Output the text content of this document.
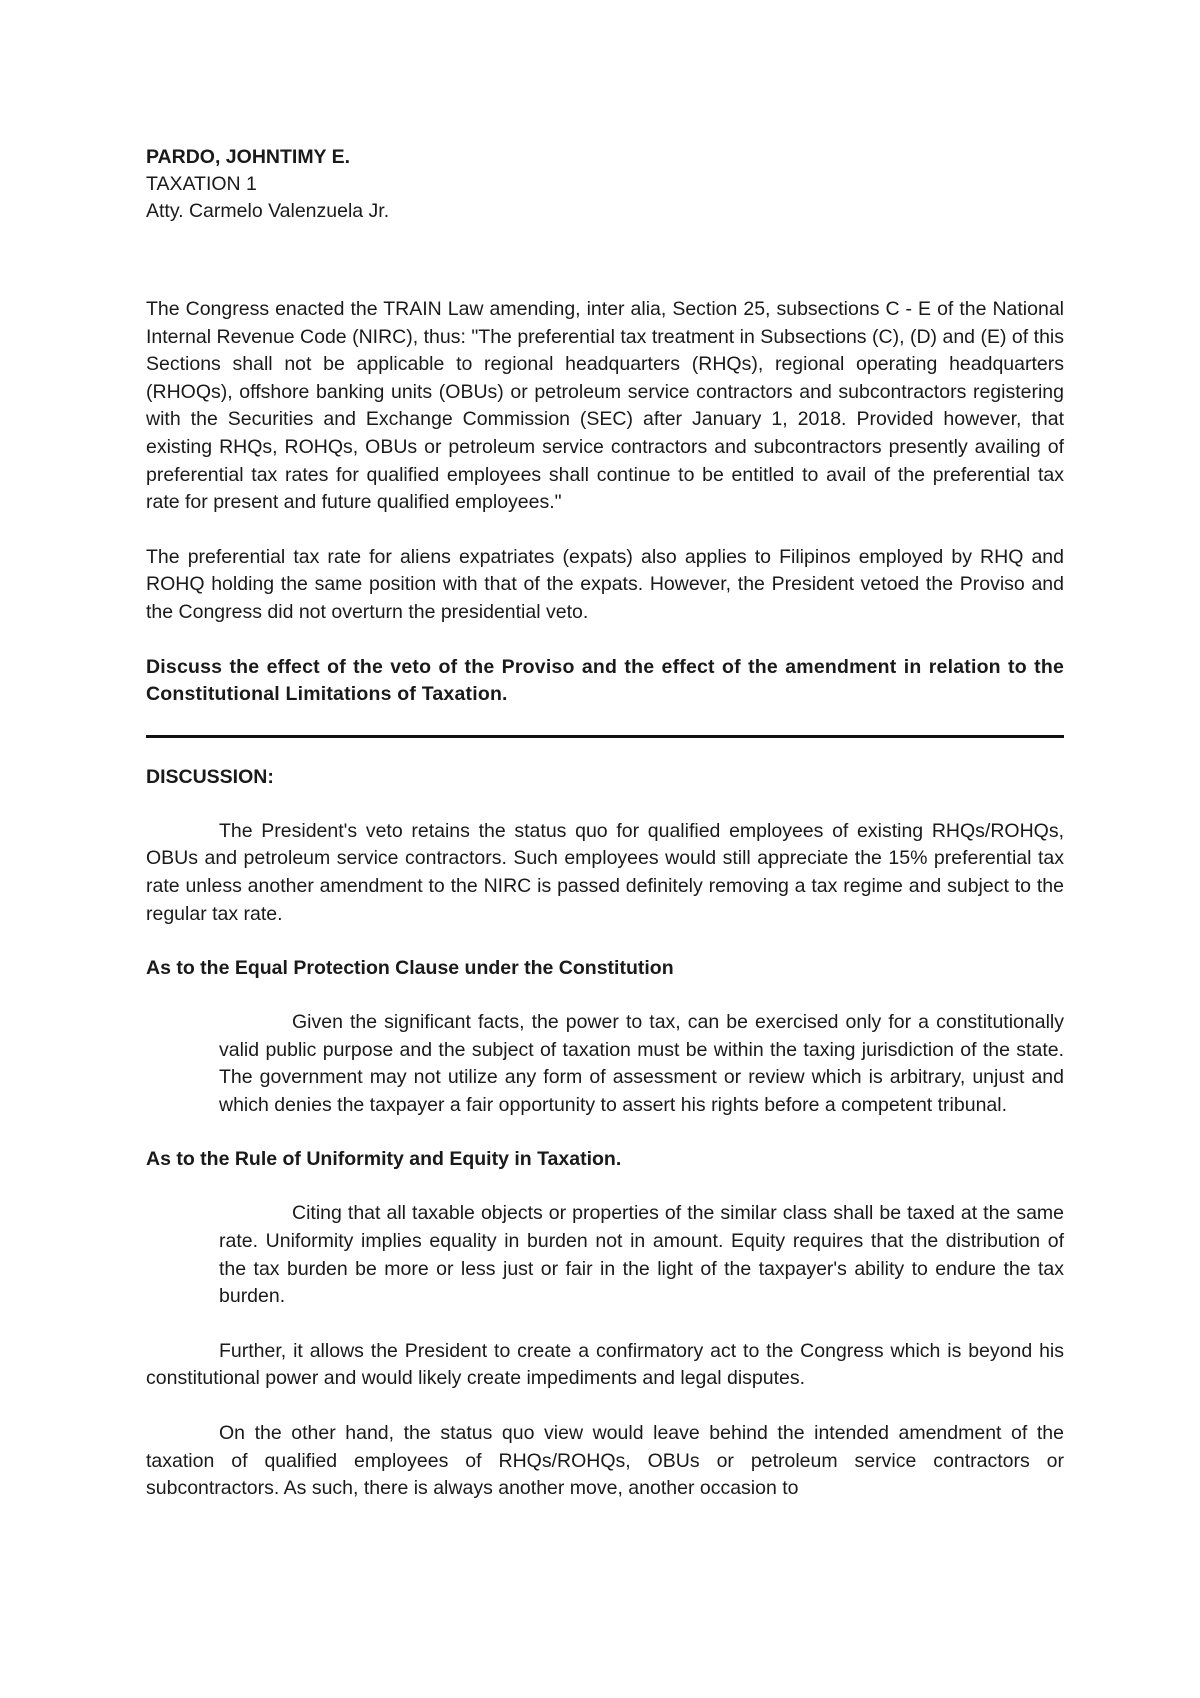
PARDO, JOHNTIMY E.

TAXATION 1

Atty. Carmelo Valenzuela Jr.

The Congress enacted the TRAIN Law amending, inter alia, Section 25, subsections C - E of the National Internal Revenue Code (NIRC), thus: "The preferential tax treatment in Subsections (C), (D) and (E) of this Sections shall not be applicable to regional headquarters (RHQs), regional operating headquarters (RHOQs), offshore banking units (OBUs) or petroleum service contractors and subcontractors registering with the Securities and Exchange Commission (SEC) after January 1, 2018. Provided however, that existing RHQs, ROHQs, OBUs or petroleum service contractors and subcontractors presently availing of preferential tax rates for qualified employees shall continue to be entitled to avail of the preferential tax rate for present and future qualified employees."

The preferential tax rate for aliens expatriates (expats) also applies to Filipinos employed by RHQ and ROHQ holding the same position with that of the expats. However, the President vetoed the Proviso and the Congress did not overturn the presidential veto.

Discuss the effect of the veto of the Proviso and the effect of the amendment in relation to the Constitutional Limitations of Taxation.

DISCUSSION:

The President's veto retains the status quo for qualified employees of existing RHQs/ROHQs, OBUs and petroleum service contractors. Such employees would still appreciate the 15% preferential tax rate unless another amendment to the NIRC is passed definitely removing a tax regime and subject to the regular tax rate.

As to the Equal Protection Clause under the Constitution

Given the significant facts, the power to tax, can be exercised only for a constitutionally valid public purpose and the subject of taxation must be within the taxing jurisdiction of the state. The government may not utilize any form of assessment or review which is arbitrary, unjust and which denies the taxpayer a fair opportunity to assert his rights before a competent tribunal.

As to the Rule of Uniformity and Equity in Taxation.

Citing that all taxable objects or properties of the similar class shall be taxed at the same rate. Uniformity implies equality in burden not in amount. Equity requires that the distribution of the tax burden be more or less just or fair in the light of the taxpayer's ability to endure the tax burden.

Further, it allows the President to create a confirmatory act to the Congress which is beyond his constitutional power and would likely create impediments and legal disputes.

On the other hand, the status quo view would leave behind the intended amendment of the taxation of qualified employees of RHQs/ROHQs, OBUs or petroleum service contractors or subcontractors. As such, there is always another move, another occasion to
